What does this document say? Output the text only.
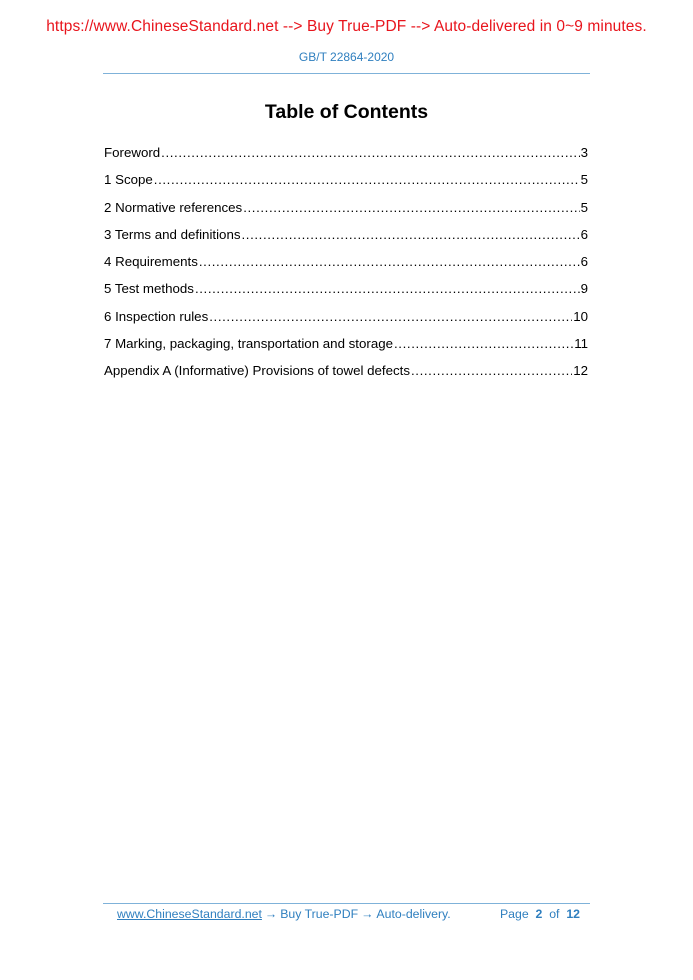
https://www.ChineseStandard.net --> Buy True-PDF --> Auto-delivered in 0~9 minutes.
GB/T 22864-2020
Table of Contents
Foreword .....	3
1 Scope .....	5
2 Normative references .....	5
3 Terms and definitions .....	6
4 Requirements .....	6
5 Test methods .....	9
6 Inspection rules .....	10
7 Marking, packaging, transportation and storage .....	11
Appendix A (Informative) Provisions of towel defects .....	12
www.ChineseStandard.net → Buy True-PDF → Auto-delivery.	Page 2 of 12
